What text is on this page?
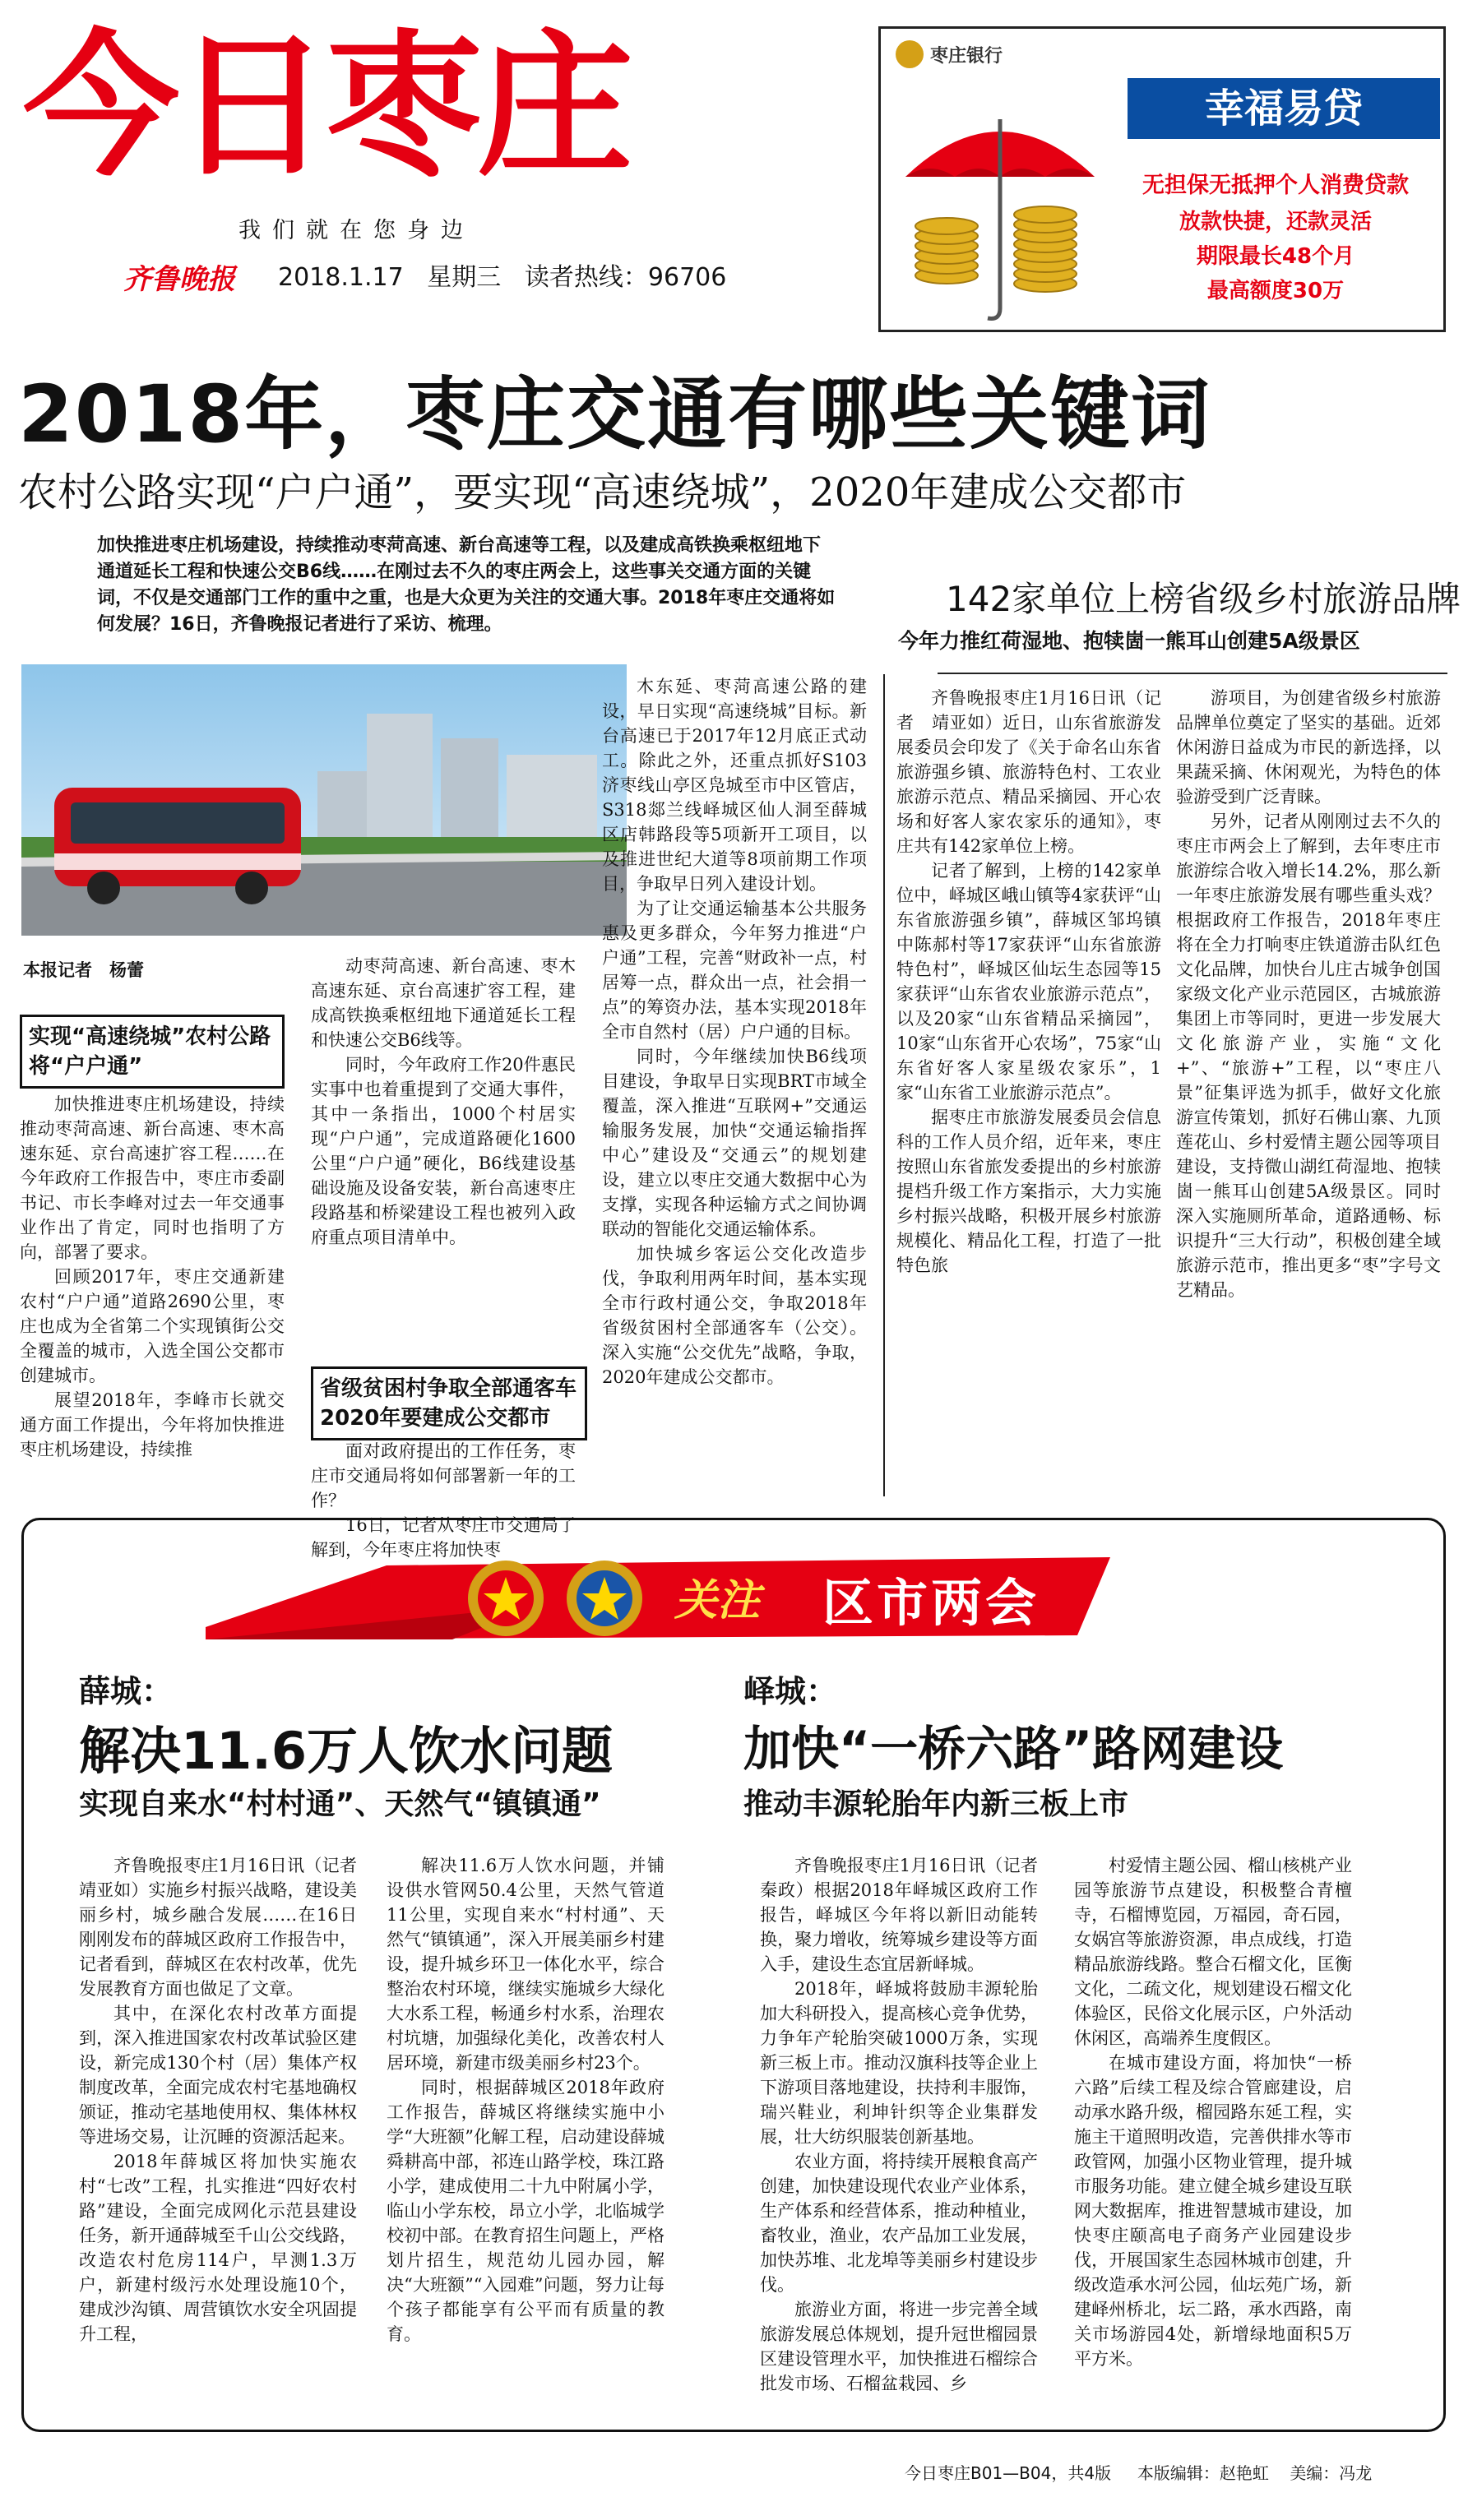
今日枣庄
我们就在您身边
齐鲁晚报 2018.1.17 星期三 读者热线：96706
枣庄银行
幸福易贷
无担保无抵押个人消费贷款
放款快捷，还款灵活
期限最长48个月
最高额度30万
2018年，枣庄交通有哪些关键词
农村公路实现“户户通”，要实现“高速绕城”，2020年建成公交都市
加快推进枣庄机场建设，持续推动枣菏高速、新台高速等工程，以及建成高铁换乘枢纽地下通道延长工程和快速公交B6线……在刚过去不久的枣庄两会上，这些事关交通方面的关键词，不仅是交通部门工作的重中之重，也是大众更为关注的交通大事。2018年枣庄交通将如何发展？16日，齐鲁晚报记者进行了采访、梳理。
142家单位上榜省级乡村旅游品牌
今年力推红荷湿地、抱犊崮一熊耳山创建5A级景区
本报记者　杨蕾
实现“高速绕城”农村公路将“户户通”
省级贫困村争取全部通客车2020年要建成公交都市

加快推进枣庄机场建设，持续推动枣菏高速、新台高速、枣木高速东延、京台高速扩容工程……在今年政府工作报告中，枣庄市委副书记、市长李峰对过去一年交通事业作出了肯定，同时也指明了方向，部署了要求。

回顾2017年，枣庄交通新建农村“户户通”道路2690公里，枣庄也成为全省第二个实现镇街公交全覆盖的城市，入选全国公交都市创建城市。

展望2018年，李峰市长就交通方面工作提出，今年将加快推进枣庄机场建设，持续推

动枣菏高速、新台高速、枣木高速东延、京台高速扩容工程，建成高铁换乘枢纽地下通道延长工程和快速公交B6线等。

同时，今年政府工作20件惠民实事中也着重提到了交通大事件，其中一条指出，1000个村居实现“户户通”，完成道路硬化1600公里“户户通”硬化，B6线建设基础设施及设备安装，新台高速枣庄段路基和桥梁建设工程也被列入政府重点项目清单中。

面对政府提出的工作任务，枣庄市交通局将如何部署新一年的工作？

16日，记者从枣庄市交通局了解到，今年枣庄将加快枣

木东延、枣菏高速公路的建设，早日实现“高速绕城”目标。新台高速已于2017年12月底正式动工。除此之外，还重点抓好S103济枣线山亭区凫城至市中区管店，S318郯兰线峄城区仙人洞至薛城区店韩路段等5项新开工项目，以及推进世纪大道等8项前期工作项目，争取早日列入建设计划。

为了让交通运输基本公共服务惠及更多群众，今年努力推进“户户通”工程，完善“财政补一点，村居筹一点，群众出一点，社会捐一点”的筹资办法，基本实现2018年全市自然村（居）户户通的目标。

同时，今年继续加快B6线项目建设，争取早日实现BRT市域全覆盖，深入推进“互联网+”交通运输服务发展，加快“交通运输指挥中心”建设及“交通云”的规划建设，建立以枣庄交通大数据中心为支撑，实现各种运输方式之间协调联动的智能化交通运输体系。

加快城乡客运公交化改造步伐，争取利用两年时间，基本实现全市行政村通公交，争取2018年省级贫困村全部通客车（公交）。深入实施“公交优先”战略，争取，2020年建成公交都市。

齐鲁晚报枣庄1月16日讯（记者　靖亚如）近日，山东省旅游发展委员会印发了《关于命名山东省旅游强乡镇、旅游特色村、工农业旅游示范点、精品采摘园、开心农场和好客人家农家乐的通知》，枣庄共有142家单位上榜。

记者了解到，上榜的142家单位中，峄城区峨山镇等4家获评“山东省旅游强乡镇”，薛城区邹坞镇中陈郝村等17家获评“山东省旅游特色村”，峄城区仙坛生态园等15家获评“山东省农业旅游示范点”，以及20家“山东省精品采摘园”，10家“山东省开心农场”，75家“山东省好客人家星级农家乐”，1家“山东省工业旅游示范点”。

据枣庄市旅游发展委员会信息科的工作人员介绍，近年来，枣庄按照山东省旅发委提出的乡村旅游提档升级工作方案指示，大力实施乡村振兴战略，积极开展乡村旅游规模化、精品化工程，打造了一批特色旅

游项目，为创建省级乡村旅游品牌单位奠定了坚实的基础。近郊休闲游日益成为市民的新选择，以果蔬采摘、休闲观光，为特色的体验游受到广泛青睐。

另外，记者从刚刚过去不久的枣庄市两会上了解到，去年枣庄市旅游综合收入增长14.2%，那么新一年枣庄旅游发展有哪些重头戏？根据政府工作报告，2018年枣庄将在全力打响枣庄铁道游击队红色文化品牌，加快台儿庄古城争创国家级文化产业示范园区，古城旅游集团上市等同时，更进一步发展大文化旅游产业，实施“文化+”、“旅游+”工程，以“枣庄八景”征集评选为抓手，做好文化旅游宣传策划，抓好石佛山寨、九顶莲花山、乡村爱情主题公园等项目建设，支持微山湖红荷湿地、抱犊崮一熊耳山创建5A级景区。同时深入实施厕所革命，道路通畅、标识提升“三大行动”，积极创建全域旅游示范市，推出更多“枣”字号文艺精品。

关注 区市两会
薛城：
解决11.6万人饮水问题
实现自来水“村村通”、天然气“镇镇通”

齐鲁晚报枣庄1月16日讯（记者　靖亚如）实施乡村振兴战略，建设美丽乡村，城乡融合发展……在16日刚刚发布的薛城区政府工作报告中，记者看到，薛城区在农村改革，优先发展教育方面也做足了文章。

其中，在深化农村改革方面提到，深入推进国家农村改革试验区建设，新完成130个村（居）集体产权制度改革，全面完成农村宅基地确权颁证，推动宅基地使用权、集体林权等进场交易，让沉睡的资源活起来。

2018年薛城区将加快实施农村“七改”工程，扎实推进“四好农村路”建设，全面完成网化示范县建设任务，新开通薛城至千山公交线路，改造农村危房114户，早测1.3万户，新建村级污水处理设施10个，建成沙沟镇、周营镇饮水安全巩固提升工程，

解决11.6万人饮水问题，并铺设供水管网50.4公里，天然气管道11公里，实现自来水“村村通”、天然气“镇镇通”，深入开展美丽乡村建设，提升城乡环卫一体化水平，综合整治农村环境，继续实施城乡大绿化大水系工程，畅通乡村水系，治理农村坑塘，加强绿化美化，改善农村人居环境，新建市级美丽乡村23个。

同时，根据薛城区2018年政府工作报告，薛城区将继续实施中小学“大班额”化解工程，启动建设薛城舜耕高中部，祁连山路学校，珠江路小学，建成使用二十九中附属小学，临山小学东校，昂立小学，北临城学校初中部。在教育招生问题上，严格划片招生，规范幼儿园办园，解决“大班额”“入园难”问题，努力让每个孩子都能享有公平而有质量的教育。

峄城：
加快“一桥六路”路网建设
推动丰源轮胎年内新三板上市

齐鲁晚报枣庄1月16日讯（记者　秦政）根据2018年峄城区政府工作报告，峄城区今年将以新旧动能转换，聚力增收，统筹城乡建设等方面入手，建设生态宜居新峄城。

2018年，峄城将鼓励丰源轮胎加大科研投入，提高核心竞争优势，力争年产轮胎突破1000万条，实现新三板上市。推动汉旗科技等企业上下游项目落地建设，扶持利丰服饰，瑞兴鞋业，利坤针织等企业集群发展，壮大纺织服装创新基地。

农业方面，将持续开展粮食高产创建，加快建设现代农业产业体系，生产体系和经营体系，推动种植业，畜牧业，渔业，农产品加工业发展，加快苏堆、北龙埠等美丽乡村建设步伐。

旅游业方面，将进一步完善全域旅游发展总体规划，提升冠世榴园景区建设管理水平，加快推进石榴综合批发市场、石榴盆栽园、乡

村爱情主题公园、榴山核桃产业园等旅游节点建设，积极整合青檀寺，石榴博览园，万福园，奇石园，女娲宫等旅游资源，串点成线，打造精品旅游线路。整合石榴文化，匡衡文化，二疏文化，规划建设石榴文化体验区，民俗文化展示区，户外活动休闲区，高端养生度假区。

在城市建设方面，将加快“一桥六路”后续工程及综合管廊建设，启动承水路升级，榴园路东延工程，实施主干道照明改造，完善供排水等市政管网，加强小区物业管理，提升城市服务功能。建立健全城乡建设互联网大数据库，推进智慧城市建设，加快枣庄颐高电子商务产业园建设步伐，开展国家生态园林城市创建，升级改造承水河公园，仙坛苑广场，新建峄州桥北，坛二路，承水西路，南关市场游园4处，新增绿地面积5万平方米。

今日枣庄B01—B04，共4版 本版编辑：赵艳虹 美编：冯龙
